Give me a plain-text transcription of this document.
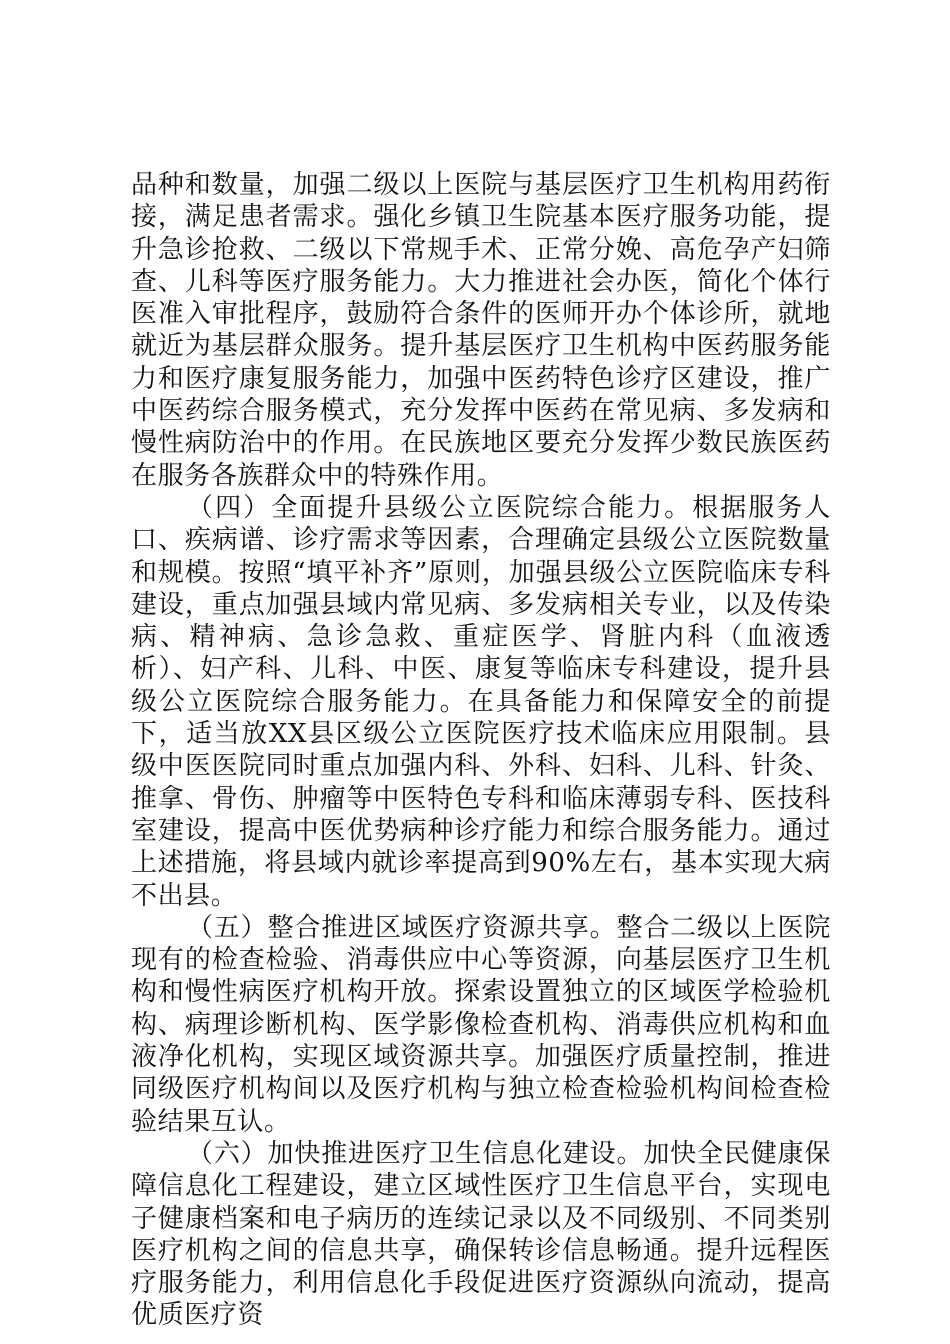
品种和数量，加强二级以上医院与基层医疗卫生机构用药衔接，满足患者需求。强化乡镇卫生院基本医疗服务功能，提升急诊抢救、二级以下常规手术、正常分娩、高危孕产妇筛查、儿科等医疗服务能力。大力推进社会办医，简化个体行医准入审批程序，鼓励符合条件的医师开办个体诊所，就地就近为基层群众服务。提升基层医疗卫生机构中医药服务能力和医疗康复服务能力，加强中医药特色诊疗区建设，推广中医药综合服务模式，充分发挥中医药在常见病、多发病和慢性病防治中的作用。在民族地区要充分发挥少数民族医药在服务各族群众中的特殊作用。

（四）全面提升县级公立医院综合能力。根据服务人口、疾病谱、诊疗需求等因素，合理确定县级公立医院数量和规模。按照“填平补齐”原则，加强县级公立医院临床专科建设，重点加强县域内常见病、多发病相关专业，以及传染病、精神病、急诊急救、重症医学、肾脏内科（血液透析）、妇产科、儿科、中医、康复等临床专科建设，提升县级公立医院综合服务能力。在具备能力和保障安全的前提下，适当放XX县区级公立医院医疗技术临床应用限制。县级中医医院同时重点加强内科、外科、妇科、儿科、针灸、推拿、骨伤、肿瘤等中医特色专科和临床薄弱专科、医技科室建设，提高中医优势病种诊疗能力和综合服务能力。通过上述措施，将县域内就诊率提高到90%左右，基本实现大病不出县。

（五）整合推进区域医疗资源共享。整合二级以上医院现有的检查检验、消毒供应中心等资源，向基层医疗卫生机构和慢性病医疗机构开放。探索设置独立的区域医学检验机构、病理诊断机构、医学影像检查机构、消毒供应机构和血液净化机构，实现区域资源共享。加强医疗质量控制，推进同级医疗机构间以及医疗机构与独立检查检验机构间检查检验结果互认。

（六）加快推进医疗卫生信息化建设。加快全民健康保障信息化工程建设，建立区域性医疗卫生信息平台，实现电子健康档案和电子病历的连续记录以及不同级别、不同类别医疗机构之间的信息共享，确保转诊信息畅通。提升远程医疗服务能力，利用信息化手段促进医疗资源纵向流动，提高优质医疗资
